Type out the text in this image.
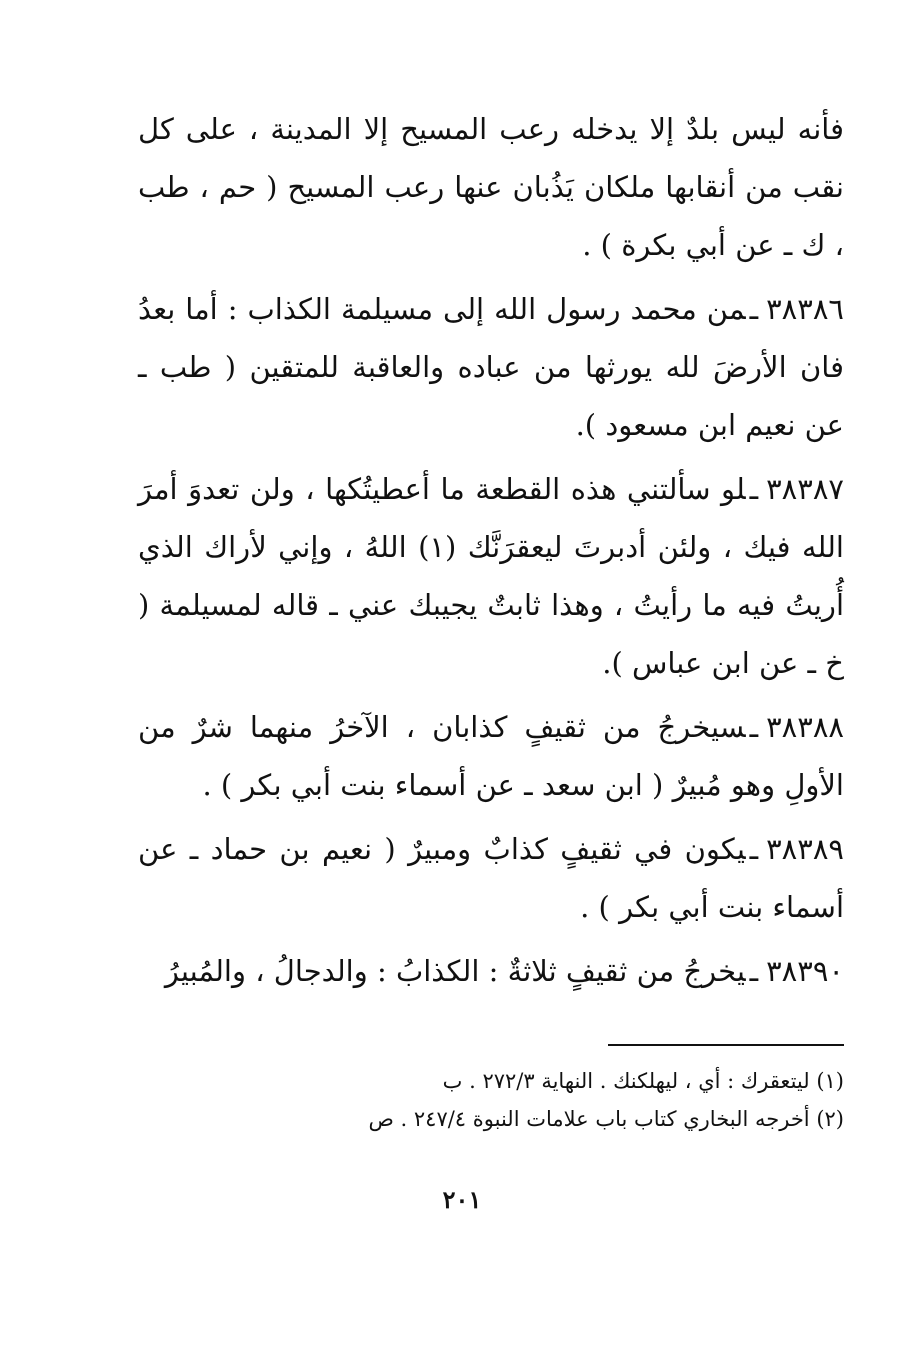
فأنه ليس بلدٌ إلا يدخله رعب المسيح إلا المدينة ، على كل نقب من أنقابها ملكان يَذُبان عنها رعب المسيح ( حم ، طب ، ك ـ عن أبي بكرة ) .

٣٨٣٨٦ـمن محمد رسول الله إلى مسيلمة الكذاب : أما بعدُ فان الأرضَ لله يورثها من عباده والعاقبة للمتقين ( طب ـ عن نعيم ابن مسعود ).

٣٨٣٨٧ـلو سألتني هذه القطعة ما أعطيتُكها ، ولن تعدوَ أمرَ الله فيك ، ولئن أدبرتَ ليعقرَنَّك (١) اللهُ ، وإني لأراك الذي أُريتُ فيه ما رأيتُ ، وهذا ثابتٌ يجيبك عني ـ قاله لمسيلمة ( خ ـ عن ابن عباس ).

٣٨٣٨٨ـسيخرجُ من ثقيفٍ كذابان ، الآخرُ منهما شرٌ من الأولِ وهو مُبيرٌ ( ابن سعد ـ عن أسماء بنت أبي بكر ) .

٣٨٣٨٩ـيكون في ثقيفٍ كذابٌ ومبيرٌ ( نعيم بن حماد ـ عن أسماء بنت أبي بكر ) .

٣٨٣٩٠ـيخرجُ من ثقيفٍ ثلاثةٌ : الكذابُ : والدجالُ ، والمُبيرُ

(١) ليتعقرك : أي ، ليهلكنك . النهاية ٢٧٢/٣ . ب
(٢) أخرجه البخاري كتاب باب علامات النبوة ٢٤٧/٤ . ص
٢٠١
